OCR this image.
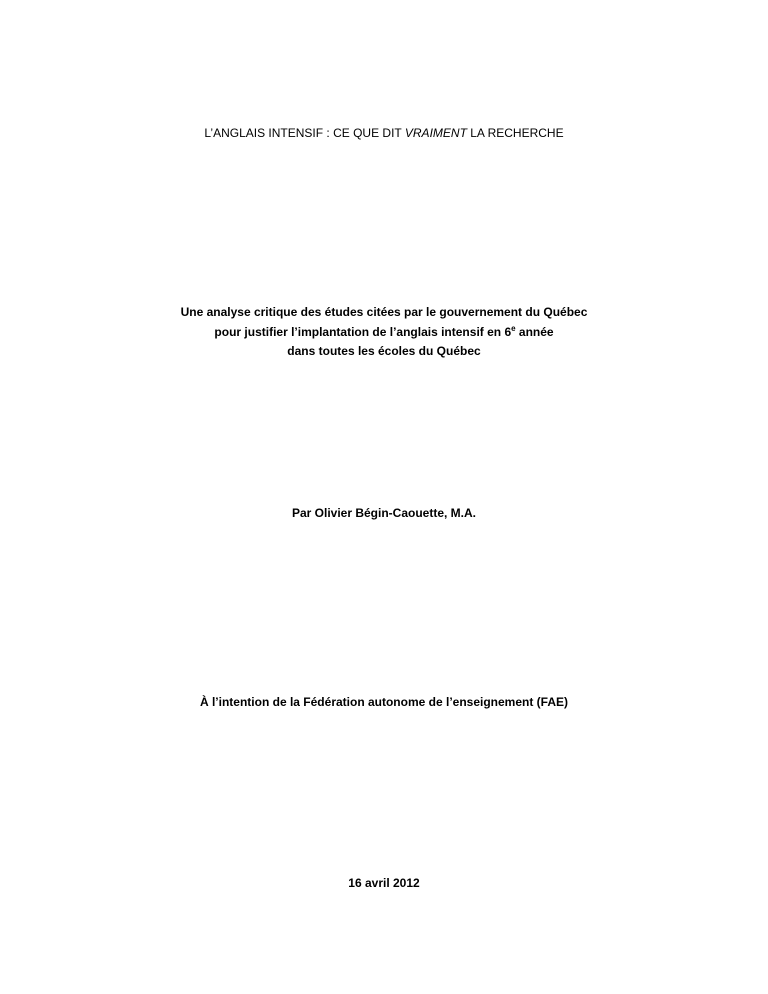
L’ANGLAIS INTENSIF : CE QUE DIT VRAIMENT LA RECHERCHE
Une analyse critique des études citées par le gouvernement du Québec
pour justifier l’implantation de l’anglais intensif en 6e année
dans toutes les écoles du Québec
Par Olivier Bégin-Caouette, M.A.
À l’intention de la Fédération autonome de l’enseignement (FAE)
16 avril 2012
